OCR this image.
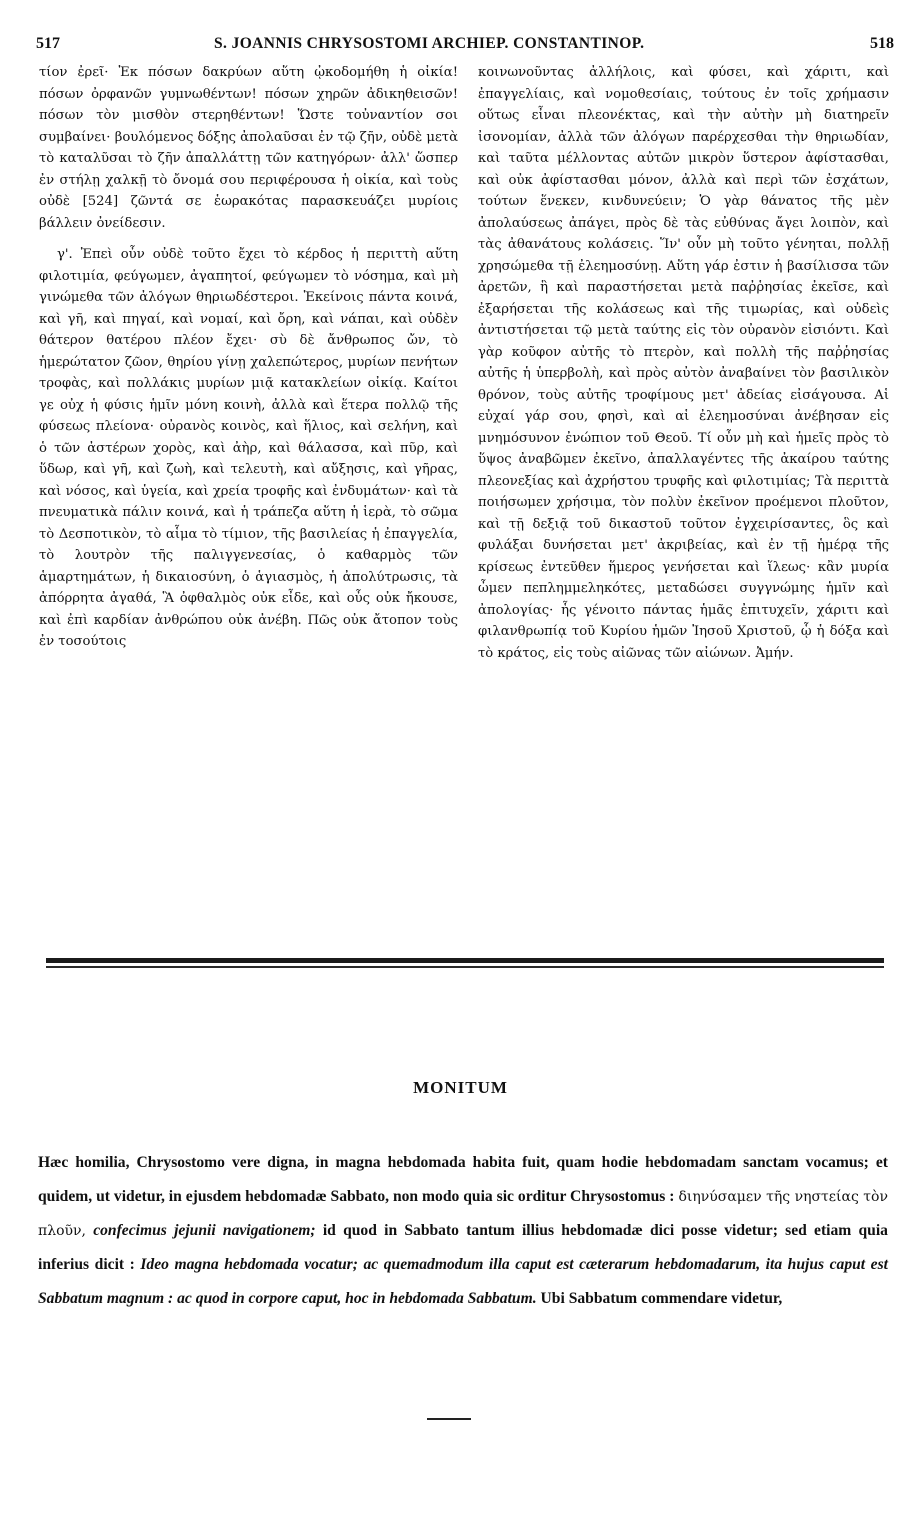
517	S. JOANNIS CHRYSOSTOMI ARCHIEP. CONSTANTINOP.	518

τίον ἐρεῖ· Ἐκ πόσων δακρύων αὕτη ᾠκοδομήθη ἡ οἰκία! πόσων ὀρφανῶν γυμνωθέντων! πόσων χηρῶν ἀδικηθεισῶν! πόσων τὸν μισθὸν στερηθέντων! Ὥστε τοὐναντίον σοι συμβαίνει· βουλόμενος δόξης ἀπολαῦσαι ἐν τῷ ζῆν, οὐδὲ μετὰ τὸ καταλῦσαι τὸ ζῆν ἀπαλλάττῃ τῶν κατηγόρων· ἀλλ' ὥσπερ ἐν στήλῃ χαλκῇ τὸ ὄνομά σου περιφέρουσα ἡ οἰκία, καὶ τοὺς οὐδὲ [524] ζῶντά σε ἑωρακότας παρασκευάζει μυρίοις βάλλειν ὀνείδεσιν.

γ'. Ἐπεὶ οὖν οὐδὲ τοῦτο ἔχει τὸ κέρδος ἡ περιττὴ αὕτη φιλοτιμία, φεύγωμεν, ἀγαπητοί, φεύγωμεν τὸ νόσημα, καὶ μὴ γινώμεθα τῶν ἀλόγων θηριωδέστεροι. Ἐκείνοις πάντα κοινά, καὶ γῆ, καὶ πηγαί, καὶ νομαί, καὶ ὄρη, καὶ νάπαι, καὶ οὐδὲν θάτερον θατέρου πλέον ἔχει· σὺ δὲ ἄνθρωπος ὤν, τὸ ἡμερώτατον ζῶον, θηρίου γίνῃ χαλεπώτερος, μυρίων πενήτων τροφὰς, καὶ πολλάκις μυρίων μιᾷ κατακλείων οἰκίᾳ. Καίτοι γε οὐχ ἡ φύσις ἡμῖν μόνη κοινὴ, ἀλλὰ καὶ ἕτερα πολλῷ τῆς φύσεως πλείονα· οὐρανὸς κοινὸς, καὶ ἥλιος, καὶ σελήνη, καὶ ὁ τῶν ἀστέρων χορὸς, καὶ ἀὴρ, καὶ θάλασσα, καὶ πῦρ, καὶ ὕδωρ, καὶ γῆ, καὶ ζωὴ, καὶ τελευτὴ, καὶ αὔξησις, καὶ γῆρας, καὶ νόσος, καὶ ὑγεία, καὶ χρεία τροφῆς καὶ ἐνδυμάτων· καὶ τὰ πνευματικὰ πάλιν κοινά, καὶ ἡ τράπεζα αὕτη ἡ ἱερὰ, τὸ σῶμα τὸ Δεσποτικὸν, τὸ αἷμα τὸ τίμιον, τῆς βασιλείας ἡ ἐπαγγελία, τὸ λουτρὸν τῆς παλιγγενεσίας, ὁ καθαρμὸς τῶν ἁμαρτημάτων, ἡ δικαιοσύνη, ὁ ἁγιασμὸς, ἡ ἀπολύτρωσις, τὰ ἀπόρρητα ἀγαθά, Ἃ ὀφθαλμὸς οὐκ εἶδε, καὶ οὖς οὐκ ἤκουσε, καὶ ἐπὶ καρδίαν ἀνθρώπου οὐκ ἀνέβη. Πῶς οὐκ ἄτοπον τοὺς ἐν τοσούτοις

κοινωνοῦντας ἀλλήλοις, καὶ φύσει, καὶ χάριτι, καὶ ἐπαγγελίαις, καὶ νομοθεσίαις, τούτους ἐν τοῖς χρήμασιν οὕτως εἶναι πλεονέκτας, καὶ τὴν αὐτὴν μὴ διατηρεῖν ἰσονομίαν, ἀλλὰ τῶν ἀλόγων παρέρχεσθαι τὴν θηριωδίαν, καὶ ταῦτα μέλλοντας αὐτῶν μικρὸν ὕστερον ἀφίστασθαι, καὶ οὐκ ἀφίστασθαι μόνον, ἀλλὰ καὶ περὶ τῶν ἐσχάτων, τούτων ἕνεκεν, κινδυνεύειν; Ὁ γὰρ θάνατος τῆς μὲν ἀπολαύσεως ἀπάγει, πρὸς δὲ τὰς εὐθύνας ἄγει λοιπὸν, καὶ τὰς ἀθανάτους κολάσεις. Ἵν' οὖν μὴ τοῦτο γένηται, πολλῇ χρησώμεθα τῇ ἐλεημοσύνῃ. Αὕτη γάρ ἐστιν ἡ βασίλισσα τῶν ἀρετῶν, ἣ καὶ παραστήσεται μετὰ παῤῥησίας ἐκεῖσε, καὶ ἐξαρήσεται τῆς κολάσεως καὶ τῆς τιμωρίας, καὶ οὐδεὶς ἀντιστήσεται τῷ μετὰ ταύτης εἰς τὸν οὐρανὸν εἰσιόντι. Καὶ γὰρ κοῦφον αὐτῆς τὸ πτερὸν, καὶ πολλὴ τῆς παῤῥησίας αὐτῆς ἡ ὑπερβολὴ, καὶ πρὸς αὐτὸν ἀναβαίνει τὸν βασιλικὸν θρόνον, τοὺς αὐτῆς τροφίμους μετ' ἀδείας εἰσάγουσα. Αἱ εὐχαί γάρ σου, φησὶ, καὶ αἱ ἐλεημοσύναι ἀνέβησαν εἰς μνημόσυνον ἐνώπιον τοῦ Θεοῦ. Τί οὖν μὴ καὶ ἡμεῖς πρὸς τὸ ὕψος ἀναβῶμεν ἐκεῖνο, ἀπαλλαγέντες τῆς ἀκαίρου ταύτης πλεονεξίας καὶ ἀχρήστου τρυφῆς καὶ φιλοτιμίας; Τὰ περιττὰ ποιήσωμεν χρήσιμα, τὸν πολὺν ἐκεῖνον προέμενοι πλοῦτον, καὶ τῇ δεξιᾷ τοῦ δικαστοῦ τοῦτον ἐγχειρίσαντες, ὃς καὶ φυλάξαι δυνήσεται μετ' ἀκριβείας, καὶ ἐν τῇ ἡμέρᾳ τῆς κρίσεως ἐντεῦθεν ἥμερος γενήσεται καὶ ἵλεως· κἂν μυρία ὦμεν πεπλημμεληκότες, μεταδώσει συγγνώμης ἡμῖν καὶ ἀπολογίας· ἧς γένοιτο πάντας ἡμᾶς ἐπιτυχεῖν, χάριτι καὶ φιλανθρωπίᾳ τοῦ Κυρίου ἡμῶν Ἰησοῦ Χριστοῦ, ᾧ ἡ δόξα καὶ τὸ κράτος, εἰς τοὺς αἰῶνας τῶν αἰώνων. Ἀμήν.

MONITUM
Hæc homilia, Chrysostomo vere digna, in magna hebdomada habita fuit, quam hodie hebdomadam sanctam vocamus; et quidem, ut videtur, in ejusdem hebdomadæ Sabbato, non modo quia sic orditur Chrysostomus : διηνύσαμεν τῆς νηστείας τὸν πλοῦν, confecimus jejunii navigationem; id quod in Sabbato tantum illius hebdomadæ dici posse videtur; sed etiam quia inferius dicit : Ideo magna hebdomada vocatur; ac quemadmodum illa caput est cæterarum hebdomadarum, ita hujus caput est Sabbatum magnum : ac quod in corpore caput, hoc in hebdomada Sabbatum. Ubi Sabbatum commendare videtur,
